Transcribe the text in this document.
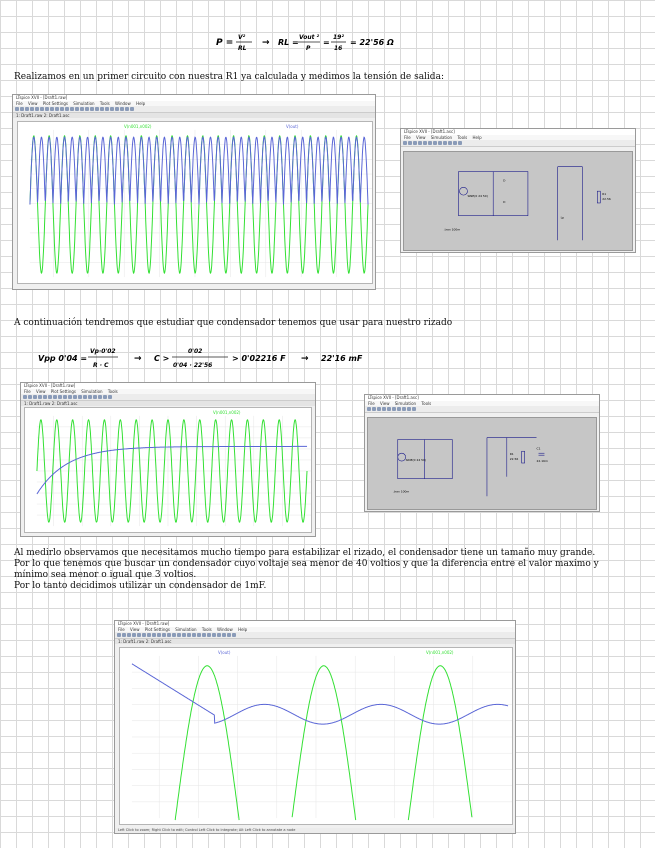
P =
V²
RL
→ RL =
Vout ²
P
=
19²
16
= 22'56 Ω
Realizamos en un primer circuito con nuestra R1 ya calculada y medimos la tensión de salida:
LTspice XVII - [Draft1.raw]
File View Plot Settings Simulation Tools Window Help
1: Draft1.raw 2: Draft1.asc
V(n001,n002)	V(out)
LTspice XVII - [Draft1.asc]
File View Simulation Tools Help
SINE(0 24 50)
D
D
R1
22.56
Lp
.tran 100m
A continuación tendremos que estudiar que condensador tenemos que usar para nuestro rizado
Vpp 0'04 =
Vp·0'02
R · C
→ C >
0'02
0'04 · 22'56
> 0'02216 F → 22'16 mF
LTspice XVII - [Draft1.raw]
File View Plot Settings Simulation Tools
1: Draft1.raw 2: Draft1.asc
V(n001,n002)
LTspice XVII - [Draft1.asc]
File View Simulation Tools
SINE(0 24 50)
R1
22.56
C1
22.16m
.tran 100m
Al medirlo observamos que necesitamos mucho tiempo para estabilizar el rizado, el condensador tiene un tamaño muy grande.
Por lo que tenemos que buscar un condensador cuyo voltaje sea menor de 40 voltios y que la diferencia entre el valor maximo y
mínimo sea menor o igual que 3 voltios.
Por lo tanto decidimos utilizar un condensador de 1mF.
LTspice XVII - [Draft1.raw]
File View Plot Settings Simulation Tools Window Help
1: Draft1.raw 2: Draft1.asc
V(out)	V(n001,n002)
Left Click to zoom; Right Click to edit; Control Left Click to integrate; Alt Left Click to annotate a node
